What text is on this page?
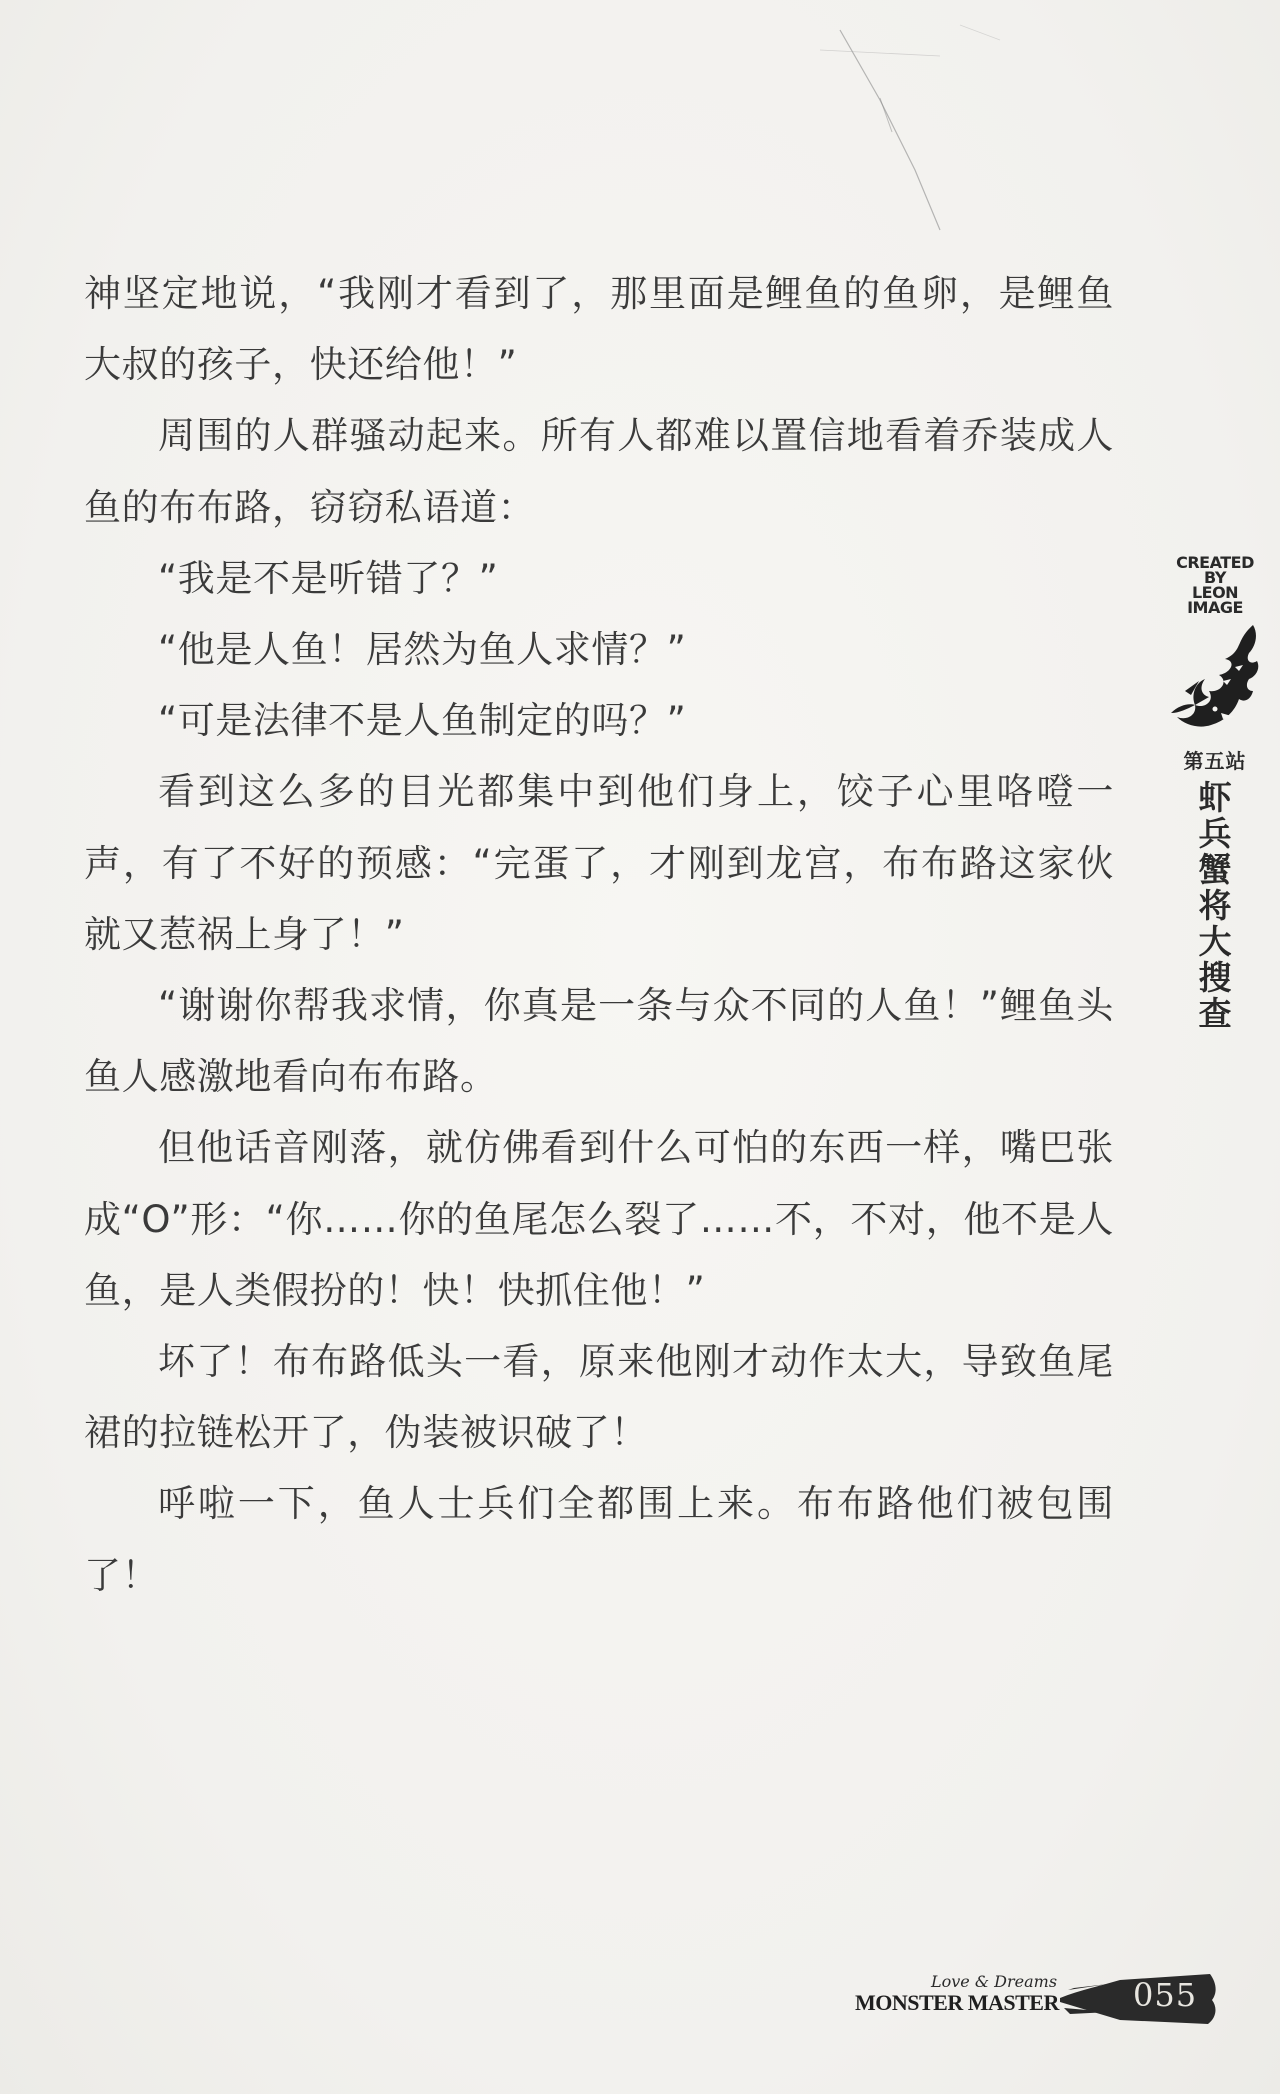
神坚定地说，“我刚才看到了，那里面是鲤鱼的鱼卵，是鲤鱼大叔的孩子，快还给他！”

周围的人群骚动起来。所有人都难以置信地看着乔装成人鱼的布布路，窃窃私语道：

“我是不是听错了？”

“他是人鱼！居然为鱼人求情？”

“可是法律不是人鱼制定的吗？”

看到这么多的目光都集中到他们身上，饺子心里咯噔一声，有了不好的预感：“完蛋了，才刚到龙宫，布布路这家伙就又惹祸上身了！”

“谢谢你帮我求情，你真是一条与众不同的人鱼！”鲤鱼头鱼人感激地看向布布路。

但他话音刚落，就仿佛看到什么可怕的东西一样，嘴巴张成“O”形：“你……你的鱼尾怎么裂了……不，不对，他不是人鱼，是人类假扮的！快！快抓住他！”

坏了！布布路低头一看，原来他刚才动作太大，导致鱼尾裙的拉链松开了，伪装被识破了！

呼啦一下，鱼人士兵们全都围上来。布布路他们被包围了！

CREATED
BY
LEON
IMAGE
第五站
虾兵蟹将大搜查
Love & Dreams
MONSTER MASTER 055
